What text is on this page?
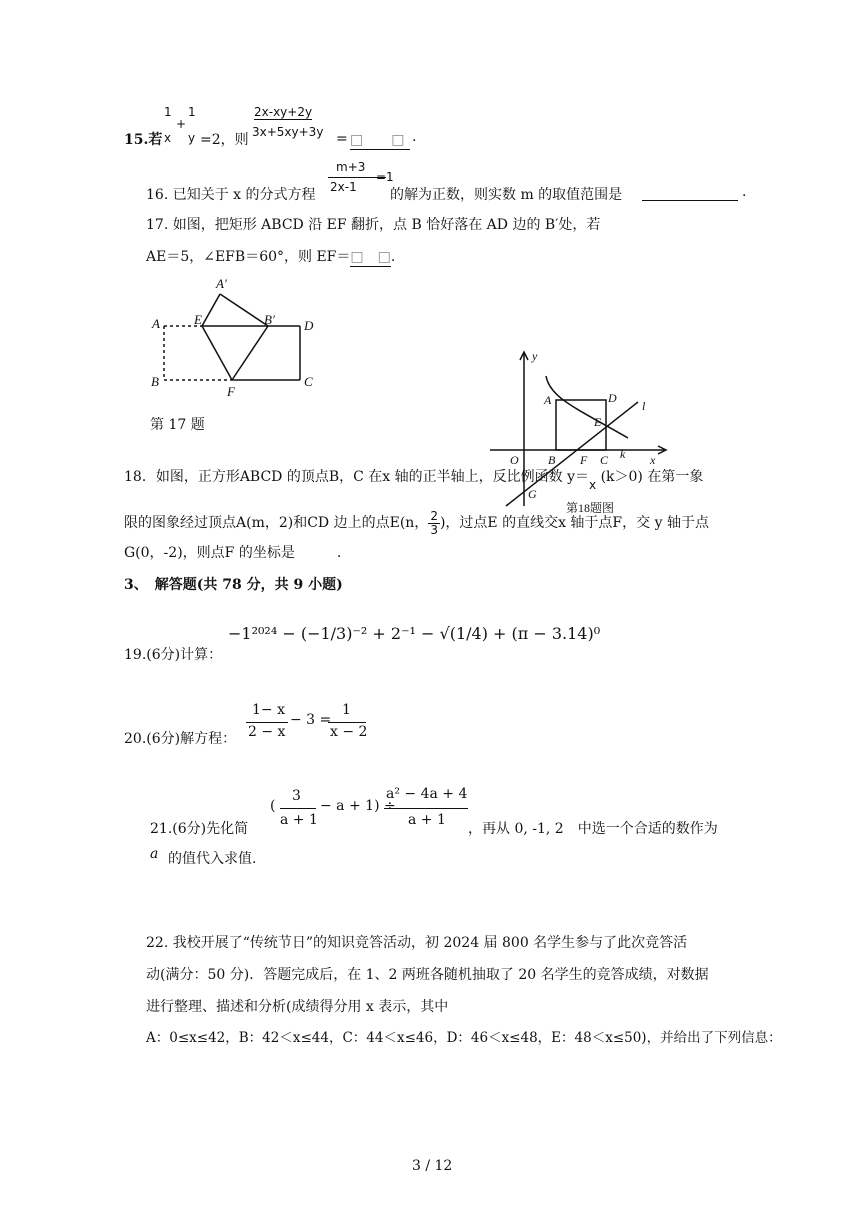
15.若
1
x
+
1
y =2，则
2x-xy+2y
3x+5xy+3y = □　　□ .
16. 已知关于 x 的分式方程
m+3
2x-1
=1
的解为正数，则实数 m 的取值范围是	.
17. 如图，把矩形 ABCD 沿 EF 翻折，点 B 恰好落在 AD 边的 B′处，若
AE＝5，∠EFB＝60°，则 EF＝□　□.
A
A′
E	B′ D
B
F
C
第 17 题
y
x
O
A	D
E
l
B F C k
G
第18题图
18．如图，正方形ABCD 的顶点B，C 在x 轴的正半轴上，反比例函数 y＝x (k＞0) 在第一象
限的图象经过顶点A(m，2)和CD 边上的点E(n， $\frac{2}{3}$ )，过点E 的直线交x 轴于点F，交 y 轴于点
G(0，-2)，则点F 的坐标是　　　.
3、　解答题(共 78 分，共 9 小题)
−1²⁰²⁴ − (−1/3)⁻² + 2⁻¹ − √(1/4) + (π − 3.14)⁰
19.(6分)计算：
20.(6分)解方程：
1− x
2 − x
− 3 =
1
x − 2
(
3
a + 1
− a + 1) ÷
a² − 4a + 4
a + 1
21.(6分)先化简	，再从 0, -1, 2　中选一个合适的数作为
a 的值代入求值.
22. 我校开展了“传统节日”的知识竞答活动，初 2024 届 800 名学生参与了此次竞答活
动(满分：50 分)．答题完成后，在 1、2 两班各随机抽取了 20 名学生的竞答成绩，对数据
进行整理、描述和分析(成绩得分用 x 表示，其中
A：0≤x≤42，B：42＜x≤44，C：44＜x≤46，D：46＜x≤48，E：48＜x≤50)，并给出了下列信息：
3 / 12
